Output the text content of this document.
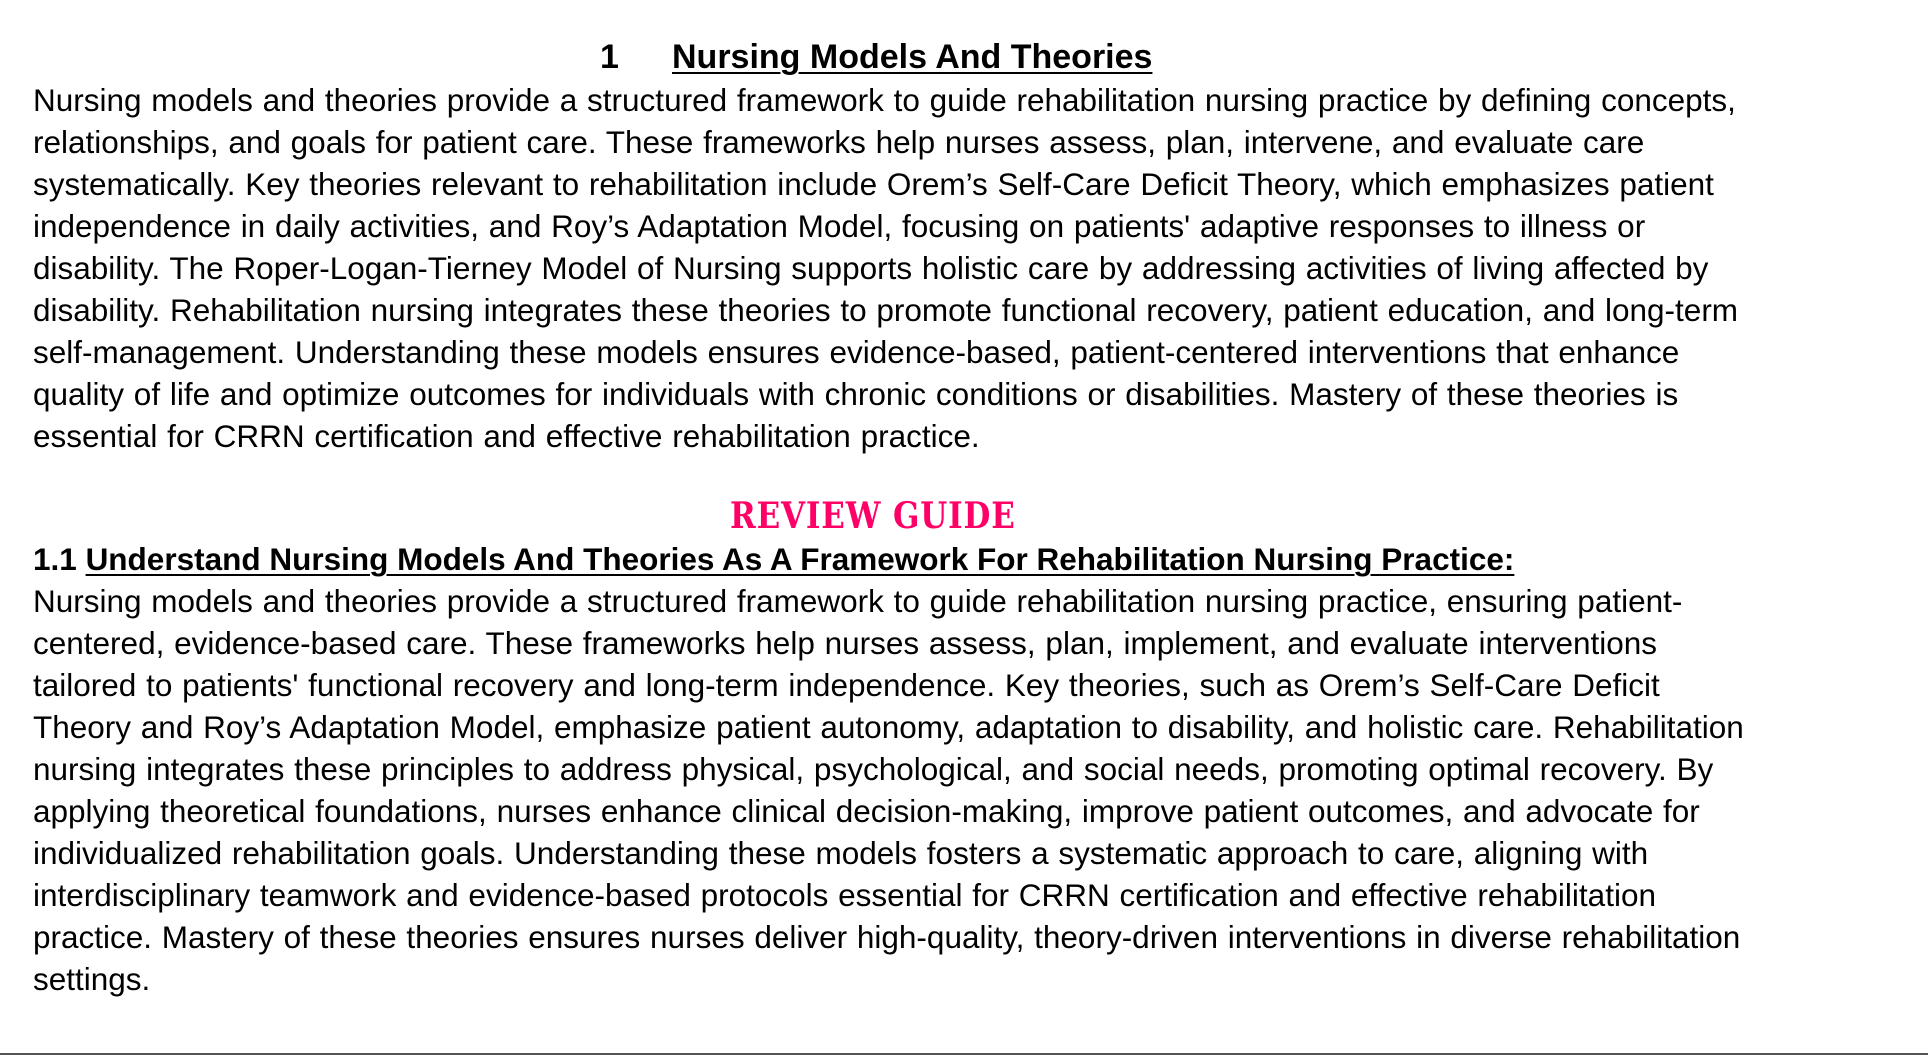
1 Nursing Models And Theories

Nursing models and theories provide a structured framework to guide rehabilitation nursing practice by defining concepts, relationships, and goals for patient care. These frameworks help nurses assess, plan, intervene, and evaluate care systematically. Key theories relevant to rehabilitation include Orem’s Self-Care Deficit Theory, which emphasizes patient independence in daily activities, and Roy’s Adaptation Model, focusing on patients' adaptive responses to illness or disability. The Roper-Logan-Tierney Model of Nursing supports holistic care by addressing activities of living affected by disability. Rehabilitation nursing integrates these theories to promote functional recovery, patient education, and long-term self-management. Understanding these models ensures evidence-based, patient-centered interventions that enhance quality of life and optimize outcomes for individuals with chronic conditions or disabilities. Mastery of these theories is essential for CRRN certification and effective rehabilitation practice.

REVIEW GUIDE
1.1 Understand Nursing Models And Theories As A Framework For Rehabilitation Nursing Practice:

Nursing models and theories provide a structured framework to guide rehabilitation nursing practice, ensuring patient-centered, evidence-based care. These frameworks help nurses assess, plan, implement, and evaluate interventions tailored to patients' functional recovery and long-term independence. Key theories, such as Orem’s Self-Care Deficit Theory and Roy’s Adaptation Model, emphasize patient autonomy, adaptation to disability, and holistic care. Rehabilitation nursing integrates these principles to address physical, psychological, and social needs, promoting optimal recovery. By applying theoretical foundations, nurses enhance clinical decision-making, improve patient outcomes, and advocate for individualized rehabilitation goals. Understanding these models fosters a systematic approach to care, aligning with interdisciplinary teamwork and evidence-based protocols essential for CRRN certification and effective rehabilitation practice. Mastery of these theories ensures nurses deliver high-quality, theory-driven interventions in diverse rehabilitation settings.
